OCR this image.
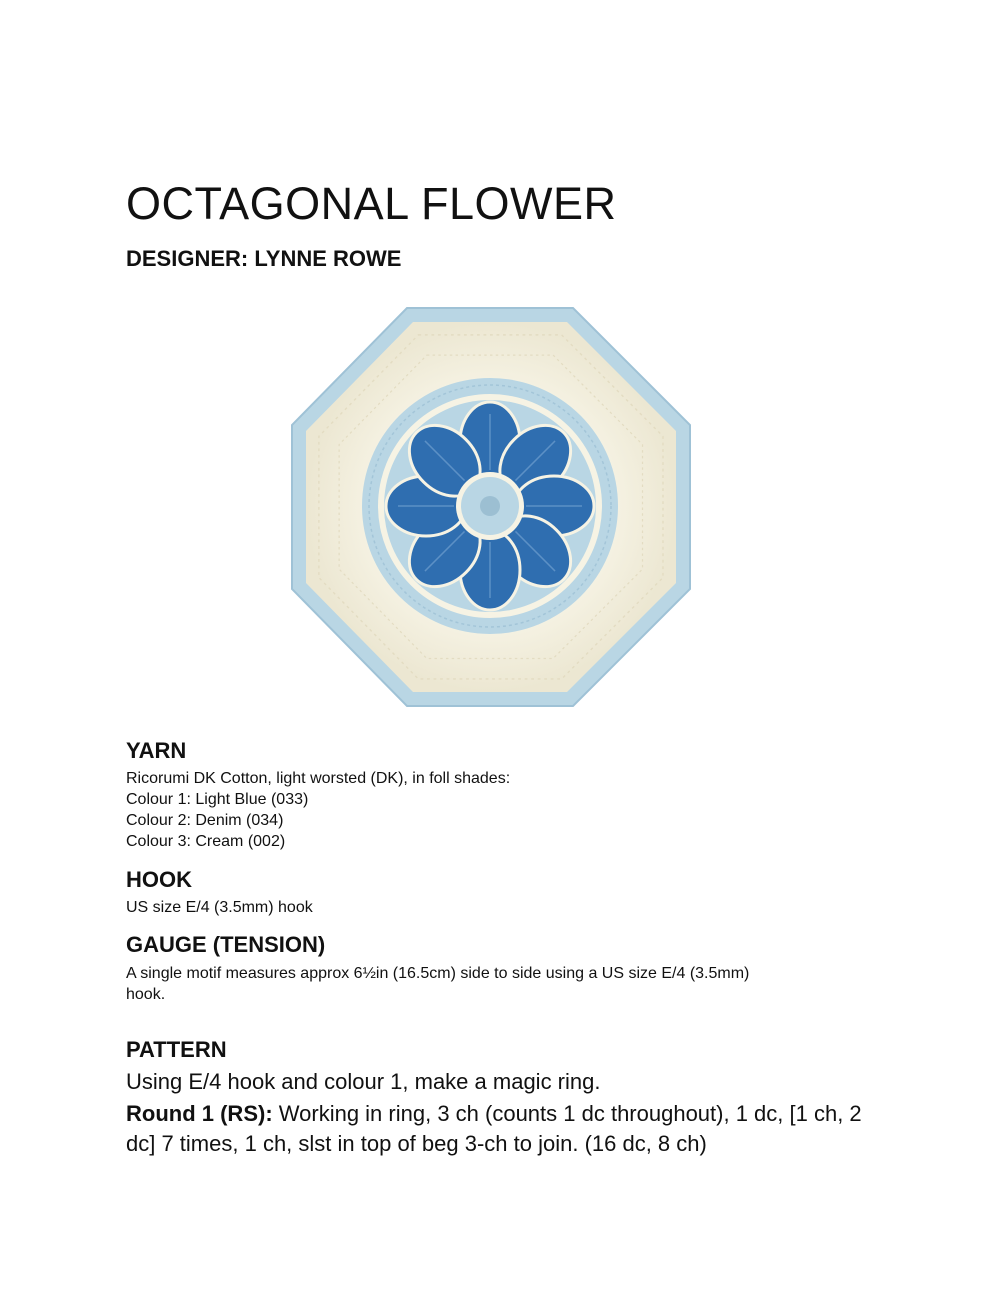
OCTAGONAL FLOWER
DESIGNER: LYNNE ROWE
YARN

Ricorumi DK Cotton, light worsted (DK), in foll shades:

Colour 1: Light Blue (033)

Colour 2: Denim (034)

Colour 3: Cream (002)

HOOK

US size E/4 (3.5mm) hook

GAUGE (TENSION)

A single motif measures approx 6½in (16.5cm) side to side using a US size E/4 (3.5mm)

hook.

PATTERN

Using E/4 hook and colour 1, make a magic ring.

Round 1 (RS): Working in ring, 3 ch (counts 1 dc throughout), 1 dc, [1 ch, 2 dc] 7 times, 1 ch, slst in top of beg 3-ch to join. (16 dc, 8 ch)
